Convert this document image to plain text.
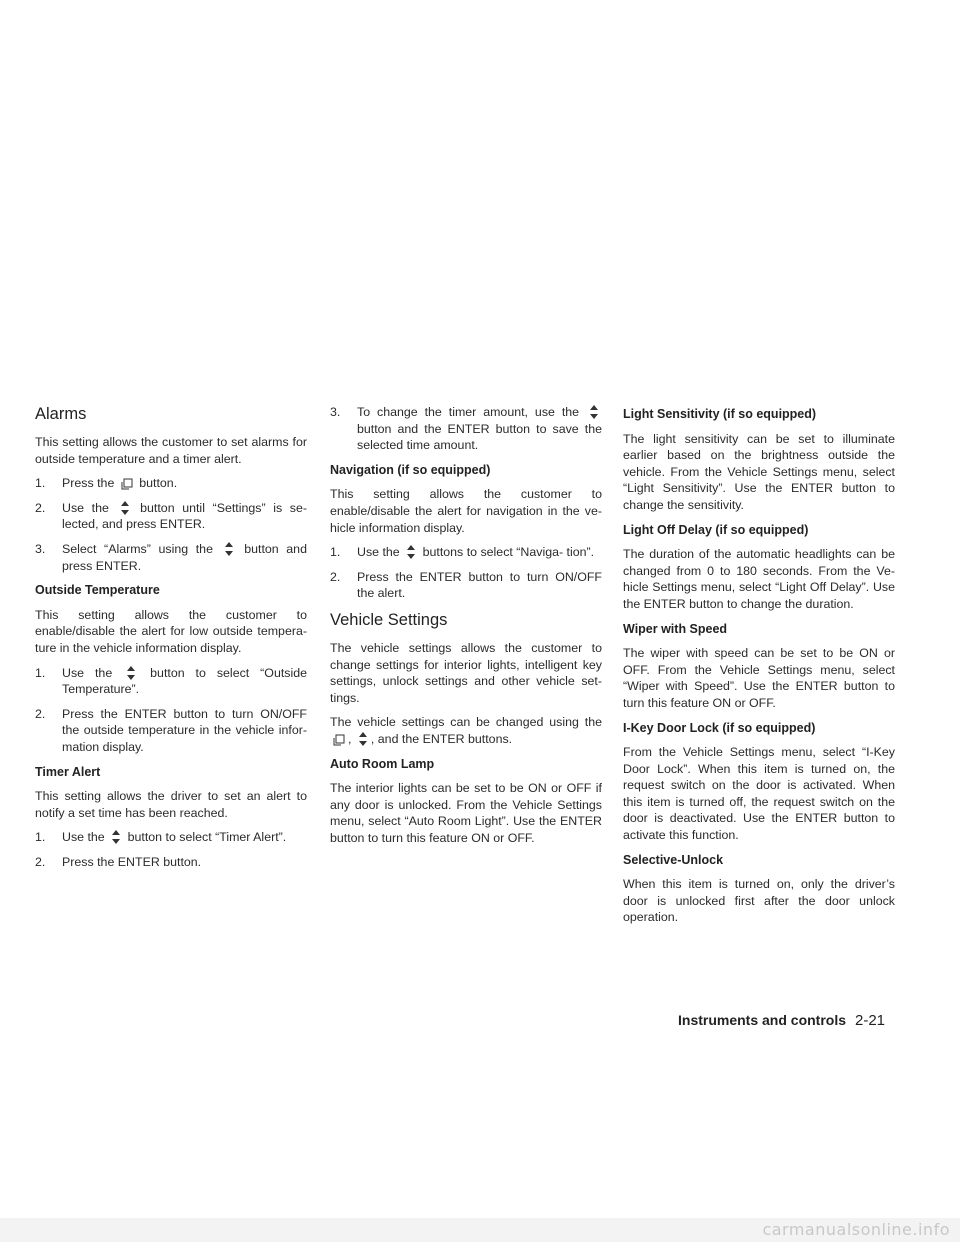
Alarms

This setting allows the customer to set alarms for outside temperature and a timer alert.

1. Press the button.
2. Use the	button until “Settings” is se- lected, and press ENTER.
3. Select “Alarms” using the	button and press ENTER.
Outside Temperature

This setting allows the customer to enable/disable the alert for low outside tempera- ture in the vehicle information display.

1. Use the	button to select “Outside Temperature”.
2. Press the ENTER button to turn ON/OFF the outside temperature in the vehicle infor- mation display.
Timer Alert

This setting allows the driver to set an alert to notify a set time has been reached.

1. Use the button to select “Timer Alert”.
2. Press the ENTER button.
3. To change the timer amount, use the  button and the ENTER button to save the selected time amount.
Navigation (if so equipped)

This setting allows the customer to enable/disable the alert for navigation in the ve- hicle information display.

1. Use the buttons to select “Naviga- tion”.
2. Press the ENTER button to turn ON/OFF the alert.
Vehicle Settings

The vehicle settings allows the customer to change settings for interior lights, intelligent key settings, unlock settings and other vehicle set- tings.

The vehicle settings can be changed using the , , and the ENTER buttons.

Auto Room Lamp

The interior lights can be set to be ON or OFF if any door is unlocked. From the Vehicle Settings menu, select “Auto Room Light”. Use the ENTER button to turn this feature ON or OFF.

Light Sensitivity (if so equipped)

The light sensitivity can be set to illuminate earlier based on the brightness outside the vehicle. From the Vehicle Settings menu, select “Light Sensitivity”. Use the ENTER button to change the sensitivity.

Light Off Delay (if so equipped)

The duration of the automatic headlights can be changed from 0 to 180 seconds. From the Ve- hicle Settings menu, select “Light Off Delay”. Use the ENTER button to change the duration.

Wiper with Speed

The wiper with speed can be set to be ON or OFF. From the Vehicle Settings menu, select “Wiper with Speed”. Use the ENTER button to turn this feature ON or OFF.

I-Key Door Lock (if so equipped)

From the Vehicle Settings menu, select “I-Key Door Lock”. When this item is turned on, the request switch on the door is activated. When this item is turned off, the request switch on the door is deactivated. Use the ENTER button to activate this function.

Selective-Unlock

When this item is turned on, only the driver’s door is unlocked first after the door unlock operation.

Instruments and controls 2-21
carmanualsonline.info
